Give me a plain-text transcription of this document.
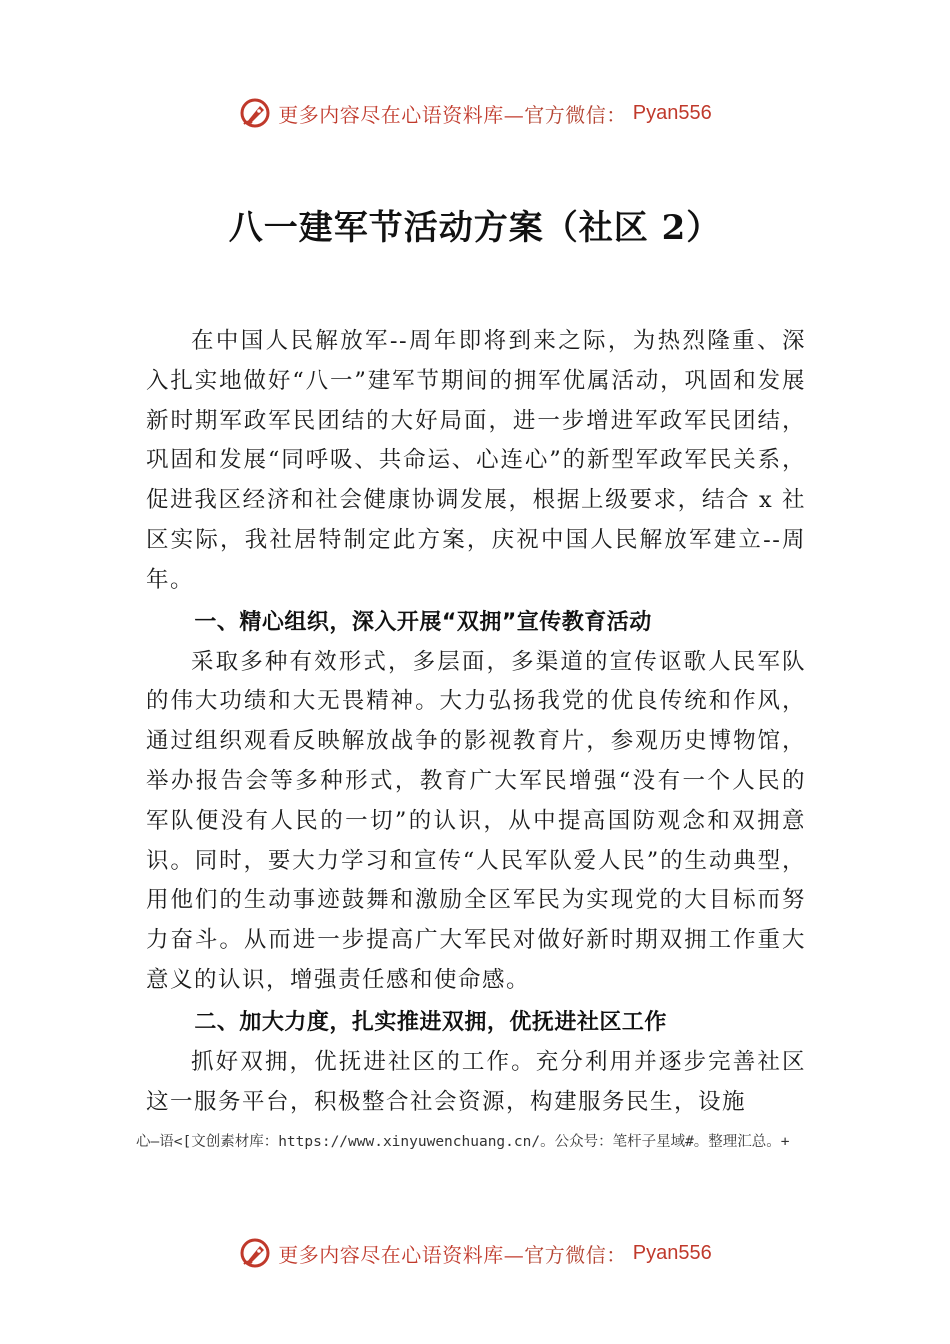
更多内容尽在心语资料库—官方微信： Pyan556
八一建军节活动方案（社区 2）

在中国人民解放军--周年即将到来之际，为热烈隆重、深入扎实地做好“八一”建军节期间的拥军优属活动，巩固和发展新时期军政军民团结的大好局面，进一步增进军政军民团结，巩固和发展“同呼吸、共命运、心连心”的新型军政军民关系，促进我区经济和社会健康协调发展，根据上级要求，结合 x 社区实际，我社居特制定此方案，庆祝中国人民解放军建立--周年。

一、精心组织，深入开展“双拥”宣传教育活动

采取多种有效形式，多层面，多渠道的宣传讴歌人民军队的伟大功绩和大无畏精神。大力弘扬我党的优良传统和作风，通过组织观看反映解放战争的影视教育片，参观历史博物馆，举办报告会等多种形式，教育广大军民增强“没有一个人民的军队便没有人民的一切”的认识，从中提高国防观念和双拥意识。同时，要大力学习和宣传“人民军队爱人民”的生动典型，用他们的生动事迹鼓舞和激励全区军民为实现党的大目标而努力奋斗。从而进一步提高广大军民对做好新时期双拥工作重大意义的认识，增强责任感和使命感。

二、加大力度，扎实推进双拥，优抚进社区工作

抓好双拥，优抚进社区的工作。充分利用并逐步完善社区这一服务平台，积极整合社会资源，构建服务民生，设施

心—语<[文创素材库：https://www.xinyuwenchuang.cn/。公众号：笔杆子星域#。整理汇总。+
更多内容尽在心语资料库—官方微信： Pyan556
